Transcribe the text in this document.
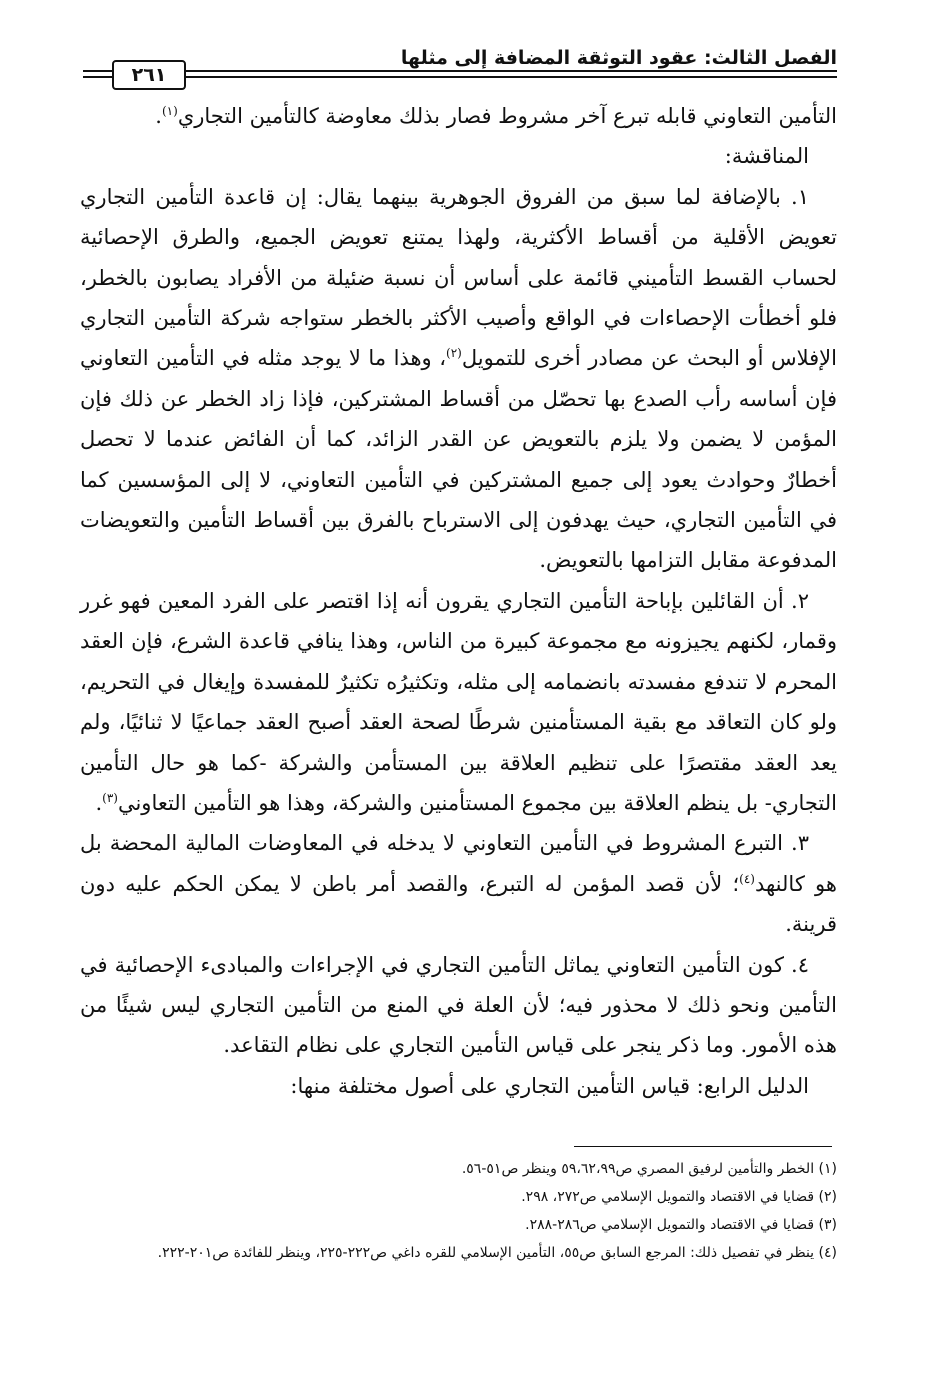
الفصل الثالث: عقود التوثقة المضافة إلى مثلها
٢٦١

التأمين التعاوني قابله تبرع آخر مشروط فصار بذلك معاوضة كالتأمين التجاري$^{(١)}$.

المناقشة:

١. بالإضافة لما سبق من الفروق الجوهرية بينهما يقال: إن قاعدة التأمين التجاري تعويض الأقلية من أقساط الأكثرية، ولهذا يمتنع تعويض الجميع، والطرق الإحصائية لحساب القسط التأميني قائمة على أساس أن نسبة ضئيلة من الأفراد يصابون بالخطر، فلو أخطأت الإحصاءات في الواقع وأصيب الأكثر بالخطر ستواجه شركة التأمين التجاري الإفلاس أو البحث عن مصادر أخرى للتمويل$^{(٢)}$، وهذا ما لا يوجد مثله في التأمين التعاوني فإن أساسه رأب الصدع بها تحصّل من أقساط المشتركين، فإذا زاد الخطر عن ذلك فإن المؤمن لا يضمن ولا يلزم بالتعويض عن القدر الزائد، كما أن الفائض عندما لا تحصل أخطارٌ وحوادث يعود إلى جميع المشتركين في التأمين التعاوني، لا إلى المؤسسين كما في التأمين التجاري، حيث يهدفون إلى الاسترباح بالفرق بين أقساط التأمين والتعويضات المدفوعة مقابل التزامها بالتعويض.

٢. أن القائلين بإباحة التأمين التجاري يقرون أنه إذا اقتصر على الفرد المعين فهو غرر وقمار، لكنهم يجيزونه مع مجموعة كبيرة من الناس، وهذا ينافي قاعدة الشرع، فإن العقد المحرم لا تندفع مفسدته بانضمامه إلى مثله، وتكثيرُه تكثيرٌ للمفسدة وإيغال في التحريم، ولو كان التعاقد مع بقية المستأمنين شرطًا لصحة العقد أصبح العقد جماعيًا لا ثنائيًا، ولم يعد العقد مقتصرًا على تنظيم العلاقة بين المستأمن والشركة -كما هو حال التأمين التجاري- بل ينظم العلاقة بين مجموع المستأمنين والشركة، وهذا هو التأمين التعاوني$^{(٣)}$.

٣. التبرع المشروط في التأمين التعاوني لا يدخله في المعاوضات المالية المحضة بل هو كالنهد$^{(٤)}$؛ لأن قصد المؤمن له التبرع، والقصد أمر باطن لا يمكن الحكم عليه دون قرينة.

٤. كون التأمين التعاوني يماثل التأمين التجاري في الإجراءات والمبادىء الإحصائية في التأمين ونحو ذلك لا محذور فيه؛ لأن العلة في المنع من التأمين التجاري ليس شيئًا من هذه الأمور. وما ذكر ينجر على قياس التأمين التجاري على نظام التقاعد.

الدليل الرابع: قياس التأمين التجاري على أصول مختلفة منها:

(١) الخطر والتأمين لرفيق المصري ص٥٩،٦٢،٩٩ وينظر ص٥١-٥٦.

(٢) قضايا في الاقتصاد والتمويل الإسلامي ص٢٧٢، ٢٩٨.

(٣) قضايا في الاقتصاد والتمويل الإسلامي ص٢٨٦-٢٨٨.

(٤) ينظر في تفصيل ذلك: المرجع السابق ص٥٥، التأمين الإسلامي للقره داغي ص٢٢٢-٢٢٥، وينظر للفائدة ص٢٠١-٢٢٢.
